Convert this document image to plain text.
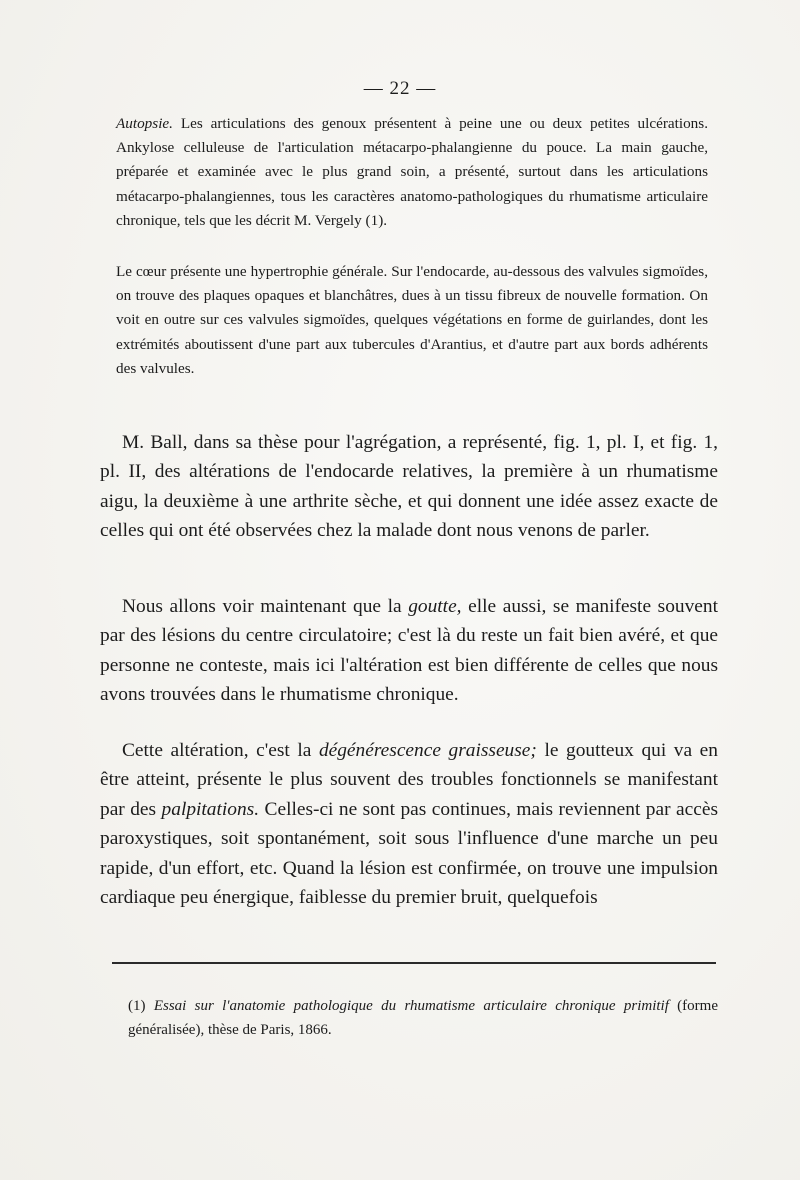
— 22 —

Autopsie. Les articulations des genoux présentent à peine une ou deux petites ulcérations. Ankylose celluleuse de l'articulation métacarpo-phalangienne du pouce. La main gauche, préparée et examinée avec le plus grand soin, a présenté, surtout dans les articulations métacarpo-phalangiennes, tous les caractères anatomo-pathologiques du rhumatisme articulaire chronique, tels que les décrit M. Vergely (1).

Le cœur présente une hypertrophie générale. Sur l'endocarde, au-dessous des valvules sigmoïdes, on trouve des plaques opaques et blanchâtres, dues à un tissu fibreux de nouvelle formation. On voit en outre sur ces valvules sigmoïdes, quelques végétations en forme de guirlandes, dont les extrémités aboutissent d'une part aux tubercules d'Arantius, et d'autre part aux bords adhérents des valvules.

M. Ball, dans sa thèse pour l'agrégation, a représenté, fig. 1, pl. I, et fig. 1, pl. II, des altérations de l'endocarde relatives, la première à un rhumatisme aigu, la deuxième à une arthrite sèche, et qui donnent une idée assez exacte de celles qui ont été observées chez la malade dont nous venons de parler.

Nous allons voir maintenant que la goutte, elle aussi, se manifeste souvent par des lésions du centre circulatoire; c'est là du reste un fait bien avéré, et que personne ne conteste, mais ici l'altération est bien différente de celles que nous avons trouvées dans le rhumatisme chronique.

Cette altération, c'est la dégénérescence graisseuse; le goutteux qui va en être atteint, présente le plus souvent des troubles fonctionnels se manifestant par des palpitations. Celles-ci ne sont pas continues, mais reviennent par accès paroxystiques, soit spontanément, soit sous l'influence d'une marche un peu rapide, d'un effort, etc. Quand la lésion est confirmée, on trouve une impulsion cardiaque peu énergique, faiblesse du premier bruit, quelquefois

(1) Essai sur l'anatomie pathologique du rhumatisme articulaire chronique primitif (forme généralisée), thèse de Paris, 1866.
